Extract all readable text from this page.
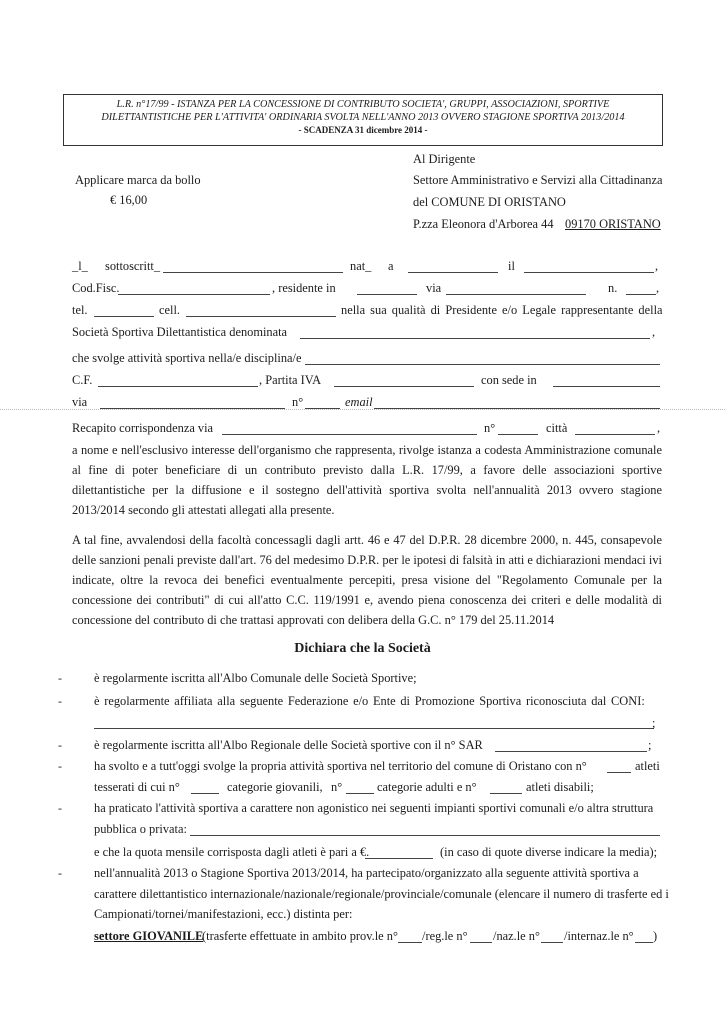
L.R. n°17/99 - ISTANZA PER LA CONCESSIONE DI CONTRIBUTO SOCIETA', GRUPPI, ASSOCIAZIONI, SPORTIVE
DILETTANTISTICHE PER L'ATTIVITA' ORDINARIA SVOLTA NELL'ANNO 2013 OVVERO STAGIONE SPORTIVA 2013/2014
- SCADENZA 31 dicembre 2014 -
Applicare marca da bollo
€ 16,00
Al Dirigente
Settore Amministrativo e Servizi alla Cittadinanza
del COMUNE DI ORISTANO
P.zza Eleonora d'Arborea 44 09170 ORISTANO
_l_ sottoscritt_	nat_ a	il	,
Cod.Fisc.	, residente in	via	n.	,
tel.	cell.	nella sua qualità di Presidente e/o Legale rappresentante della
Società Sportiva Dilettantistica denominata	,
che svolge attività sportiva nella/e disciplina/e
C.F.	, Partita IVA	con sede in
via	n°	email
Recapito corrispondenza via	n°	città	,
a nome e nell'esclusivo interesse dell'organismo che rappresenta, rivolge istanza a codesta Amministrazione comunale al fine di poter beneficiare di un contributo previsto dalla L.R. 17/99, a favore delle associazioni sportive dilettantistiche per la diffusione e il sostegno dell'attività sportiva svolta nell'annualità 2013 ovvero stagione 2013/2014 secondo gli attestati allegati alla presente.
A tal fine, avvalendosi della facoltà concessagli dagli artt. 46 e 47 del D.P.R. 28 dicembre 2000, n. 445, consapevole delle sanzioni penali previste dall'art. 76 del medesimo D.P.R. per le ipotesi di falsità in atti e dichiarazioni mendaci ivi indicate, oltre la revoca dei benefici eventualmente percepiti, presa visione del "Regolamento Comunale per la concessione dei contributi" di cui all'atto C.C. 119/1991 e, avendo piena conoscenza dei criteri e delle modalità di concessione del contributo di che trattasi approvati con delibera della G.C. n° 179 del 25.11.2014
Dichiara che la Società
-	è regolarmente iscritta all'Albo Comunale delle Società Sportive;
-	è regolarmente affiliata alla seguente Federazione e/o Ente di Promozione Sportiva riconosciuta dal CONI:
;
-	è regolarmente iscritta all'Albo Regionale delle Società sportive con il n° SAR	;
-	ha svolto e a tutt'oggi svolge la propria attività sportiva nel territorio del comune di Oristano con n°	atleti
tesserati di cui n°	categorie giovanili, n°	categorie adulti e n°	atleti disabili;
-	ha praticato l'attività sportiva a carattere non agonistico nei seguenti impianti sportivi comunali e/o altra struttura
pubblica o privata:
e che la quota mensile corrisposta dagli atleti è pari a €.	(in caso di quote diverse indicare la media);
-	nell'annualità 2013 o Stagione Sportiva 2013/2014, ha partecipato/organizzato alla seguente attività sportiva a
carattere dilettantistico internazionale/nazionale/regionale/provinciale/comunale (elencare il numero di trasferte ed i
Campionati/tornei/manifestazioni, ecc.) distinta per:
settore GIOVANILE
(trasferte effettuate in ambito prov.le n° /reg.le n° /naz.le n° /internaz.le n° )
